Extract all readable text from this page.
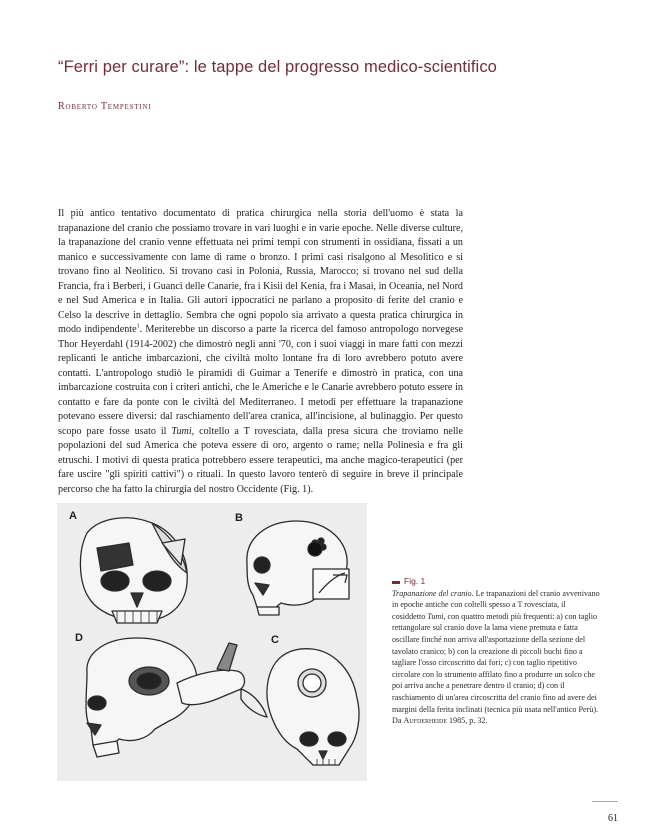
“Ferri per curare”: le tappe del progresso medico-scientifico
Roberto Tempestini
Il più antico tentativo documentato di pratica chirurgica nella storia dell'uomo è stata la trapanazione del cranio che possiamo trovare in vari luoghi e in varie epoche. Nelle diverse culture, la trapanazione del cranio venne effettuata nei primi tempi con strumenti in ossidiana, fissati a un manico e successivamente con lame di rame o bronzo. I primi casi risalgono al Mesolitico e si trovano fino al Neolitico. Si trovano casi in Polonia, Russia, Marocco; si trovano nel sud della Francia, fra i Berberi, i Guanci delle Canarie, fra i Kisii del Kenia, fra i Masai, in Oceania, nel Nord e nel Sud America e in Italia. Gli autori ippocratici ne parlano a proposito di ferite del cranio e Celso la descrive in dettaglio. Sembra che ogni popolo sia arrivato a questa pratica chirurgica in modo indipendente$^1$. Meriterebbe un discorso a parte la ricerca del famoso antropologo norvegese Thor Heyerdahl (1914-2002) che dimostrò negli anni '70, con i suoi viaggi in mare fatti con mezzi replicanti le antiche imbarcazioni, che civiltà molto lontane fra di loro avrebbero potuto avere contatti. L'antropologo studiò le piramidi di Guimar a Tenerife e dimostrò in pratica, con una imbarcazione costruita con i criteri antichi, che le Americhe e le Canarie avrebbero potuto essere in contatto e fare da ponte con le civiltà del Mediterraneo. I metodi per effettuare la trapanazione potevano essere diversi: dal raschiamento dell'area cranica, all'incisione, al bulinaggio. Per questo scopo pare fosse usato il Tumi, coltello a T rovesciata, dalla presa sicura che troviamo nelle popolazioni del sud America che poteva essere di oro, argento o rame; nella Polinesia e fra gli etruschi. I motivi di questa pratica potrebbero essere terapeutici, ma anche magico-terapeutici (per fare uscire "gli spiriti cattivi") o rituali. In questo lavoro tenterò di seguire in breve il principale percorso che ha fatto la chirurgia del nostro Occidente (Fig. 1).
A	B
C
D
Fig. 1
Trapanazione del cranio. Le trapanazioni del cranio avvenivano in epoche antiche con coltelli spesso a T rovesciata, il cosiddetto Tumi, con quattro metodi più frequenti: a) con taglio rettangolare sul cranio dove la lama viene premuta e fatta oscillare finché non arriva all'asportazione della sezione del tavolato cranico; b) con la creazione di piccoli buchi fino a tagliare l'osso circoscritto dai fori; c) con taglio ripetitivo circolare con lo strumento affilato fino a produrre un solco che poi arriva anche a penetrare dentro il cranio; d) con il raschiamento di un'area circoscritta del cranio fino ad avere dei margini della ferita inclinati (tecnica più usata nell'antico Perù). Da Aufderheide 1985, p. 32.
61
